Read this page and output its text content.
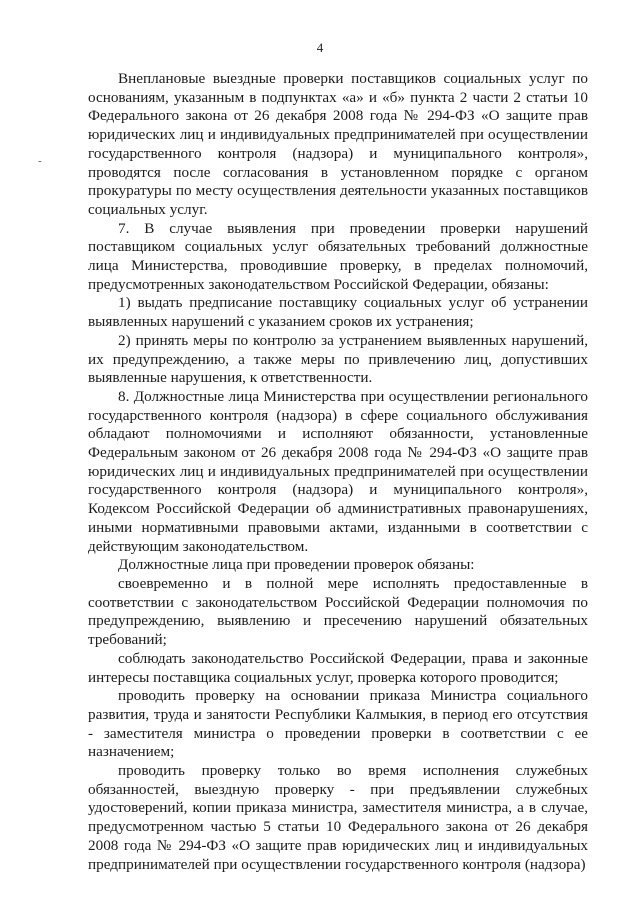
4
-

Внеплановые выездные проверки поставщиков социальных услуг по основаниям, указанным в подпунктах «а» и «б» пункта 2 части 2 статьи 10 Федерального закона от 26 декабря 2008 года № 294-ФЗ «О защите прав юридических лиц и индивидуальных предпринимателей при осуществлении государственного контроля (надзора) и муниципального контроля», проводятся после согласования в установленном порядке с органом прокуратуры по месту осуществления деятельности указанных поставщиков социальных услуг.

7. В случае выявления при проведении проверки нарушений поставщиком социальных услуг обязательных требований должностные лица Министерства, проводившие проверку, в пределах полномочий, предусмотренных законодательством Российской Федерации, обязаны:

1) выдать предписание поставщику социальных услуг об устранении выявленных нарушений с указанием сроков их устранения;

2) принять меры по контролю за устранением выявленных нарушений, их предупреждению, а также меры по привлечению лиц, допустивших выявленные нарушения, к ответственности.

8. Должностные лица Министерства при осуществлении регионального государственного контроля (надзора) в сфере социального обслуживания обладают полномочиями и исполняют обязанности, установленные Федеральным законом от 26 декабря 2008 года № 294-ФЗ «О защите прав юридических лиц и индивидуальных предпринимателей при осуществлении государственного контроля (надзора) и муниципального контроля», Кодексом Российской Федерации об административных правонарушениях, иными нормативными правовыми актами, изданными в соответствии с действующим законодательством.

Должностные лица при проведении проверок обязаны:

своевременно и в полной мере исполнять предоставленные в соответствии с законодательством Российской Федерации полномочия по предупреждению, выявлению и пресечению нарушений обязательных требований;

соблюдать законодательство Российской Федерации, права и законные интересы поставщика социальных услуг, проверка которого проводится;

проводить проверку на основании приказа Министра социального развития, труда и занятости Республики Калмыкия, в период его отсутствия - заместителя министра о проведении проверки в соответствии с ее назначением;

проводить проверку только во время исполнения служебных обязанностей, выездную проверку - при предъявлении служебных удостоверений, копии приказа министра, заместителя министра, а в случае, предусмотренном частью 5 статьи 10 Федерального закона от 26 декабря 2008 года № 294-ФЗ «О защите прав юридических лиц и индивидуальных предпринимателей при осуществлении государственного контроля (надзора)
